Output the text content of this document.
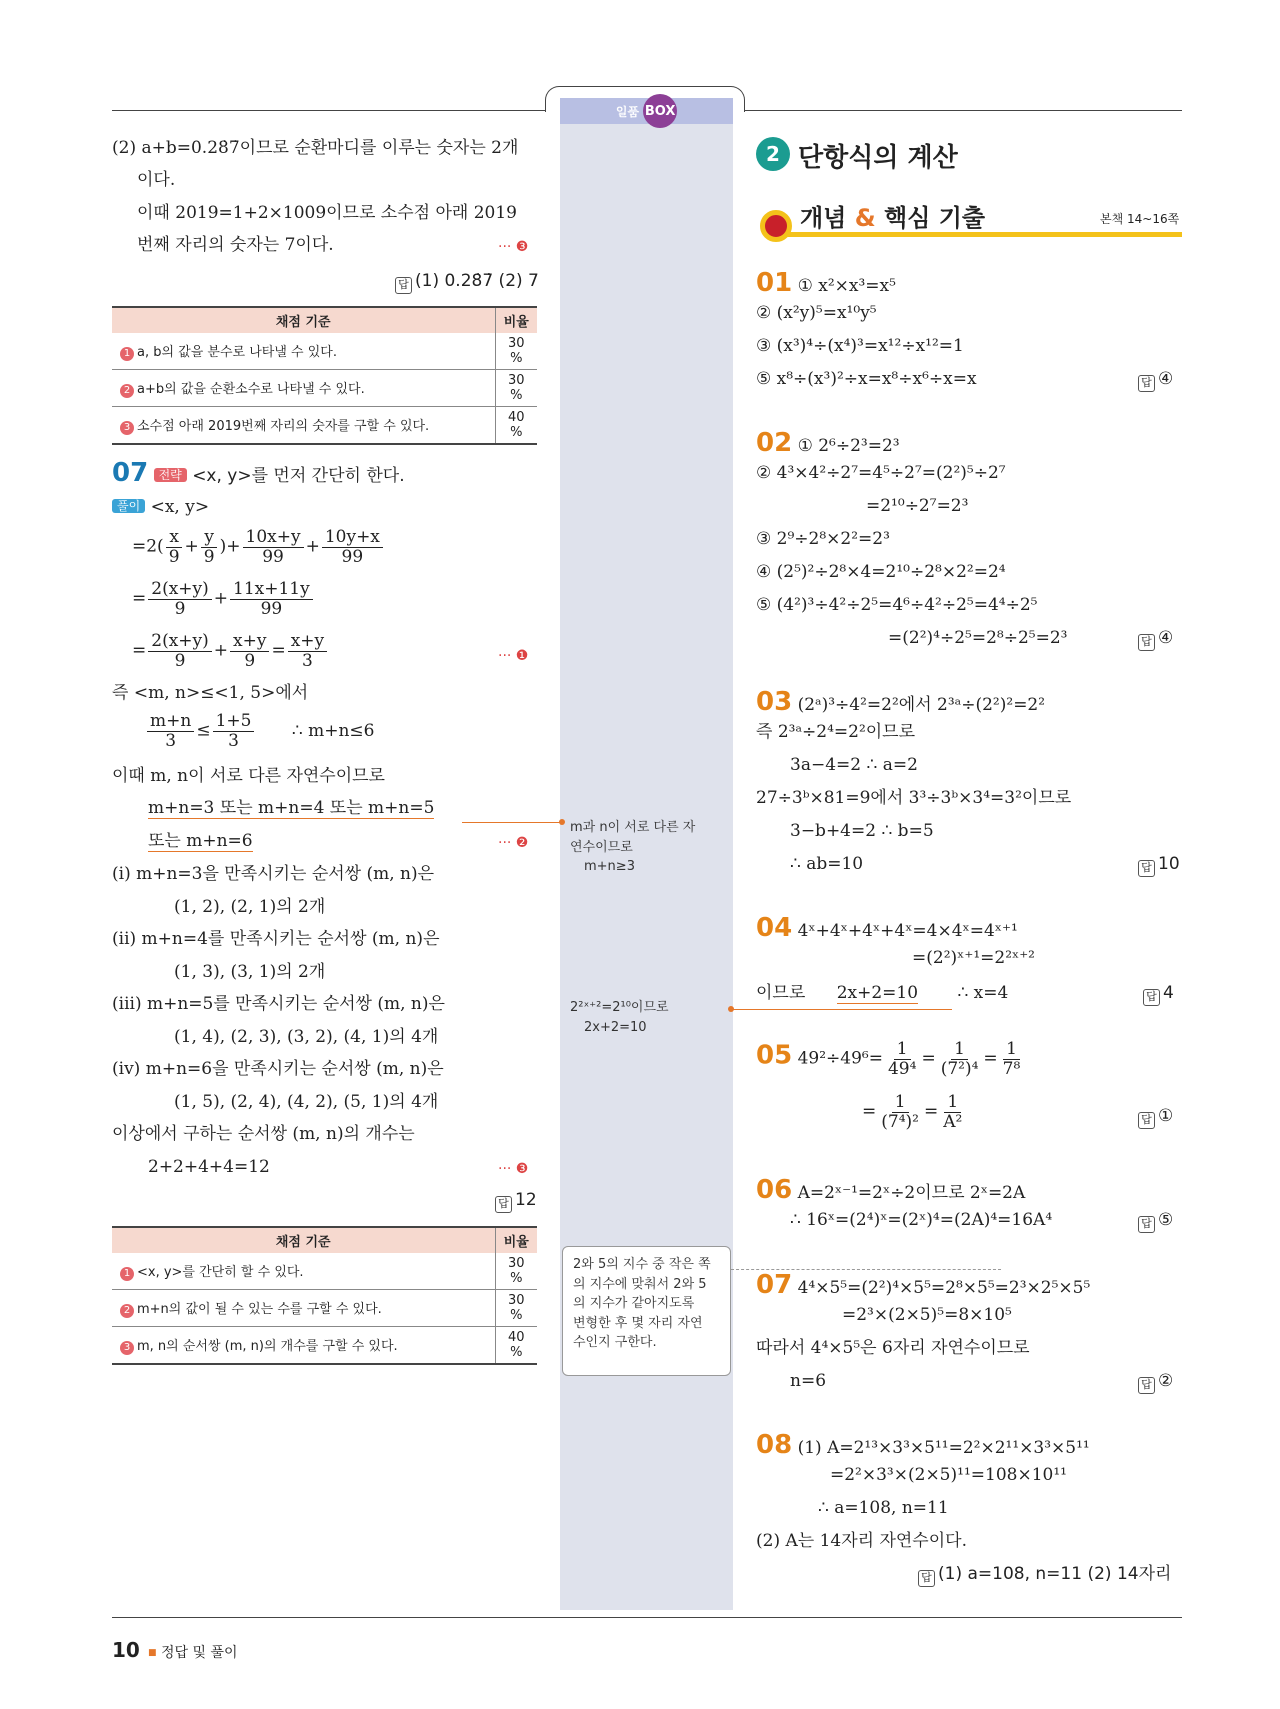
일품 BOX
(2) a+b=0.28̇7̇이므로 순환마디를 이루는 숫자는 2개
이다.
이때 2019=1+2×1009이므로 소수점 아래 2019
번째 자리의 숫자는 7이다.	··· ❸
답 (1) 0.28̇7̇ (2) 7
채점 기준	비율
1 a, b의 값을 분수로 나타낼 수 있다.	30 %
2 a+b의 값을 순환소수로 나타낼 수 있다.	30 %
3 소수점 아래 2019번째 자리의 숫자를 구할 수 있다.	40 %
07 전략 <x, y>를 먼저 간단히 한다.
풀이 <x, y>
$=2( \frac{x}{9} + \frac{y}{9}$ )+ $\frac{10x+y}{99} + \frac{10y+x}{99}$
= $\frac{2(x+y)}{9} + \frac{11x+11y}{99}$
= $\frac{2(x+y)}{9} + \frac{x+y}{9} = \frac{x+y}{3}$	··· ❶
즉 <m, n>≤<1, 5>에서
$\frac{m+n}{3} \le \frac{1+5}{3}$ ∴ m+n≤6
이때 m, n이 서로 다른 자연수이므로
m+n=3 또는 m+n=4 또는 m+n=5
또는 m+n=6	··· ❷
(i) m+n=3을 만족시키는 순서쌍 (m, n)은
(1, 2), (2, 1)의 2개
(ii) m+n=4를 만족시키는 순서쌍 (m, n)은
(1, 3), (3, 1)의 2개
(iii) m+n=5를 만족시키는 순서쌍 (m, n)은
(1, 4), (2, 3), (3, 2), (4, 1)의 4개
(iv) m+n=6을 만족시키는 순서쌍 (m, n)은
(1, 5), (2, 4), (4, 2), (5, 1)의 4개
이상에서 구하는 순서쌍 (m, n)의 개수는
2+2+4+4=12	··· ❸
답 12
채점 기준	비율
1 <x, y>를 간단히 할 수 있다.	30 %
2 m+n의 값이 될 수 있는 수를 구할 수 있다.	30 %
3 m, n의 순서쌍 (m, n)의 개수를 구할 수 있다.	40 %
m과 n이 서로 다른 자
연수이므로
m+n≥3
2²ˣ⁺²=2¹⁰이므로
2x+2=10
2와 5의 지수 중 작은 쪽
의 지수에 맞춰서 2와 5
의 지수가 같아지도록
변형한 후 몇 자리 자연
수인지 구한다.
2 단항식의 계산
개념 & 핵심 기출	본책 14~16쪽
01 ① x²×x³=x⁵
② (x²y)⁵=x¹⁰y⁵
③ (x³)⁴÷(x⁴)³=x¹²÷x¹²=1
⑤ x⁸÷(x³)²÷x=x⁸÷x⁶÷x=x	답 ④
02 ① 2⁶÷2³=2³
② 4³×4²÷2⁷=4⁵÷2⁷=(2²)⁵÷2⁷
=2¹⁰÷2⁷=2³
③ 2⁹÷2⁸×2²=2³
④ (2⁵)²÷2⁸×4=2¹⁰÷2⁸×2²=2⁴
⑤ (4²)³÷4²÷2⁵=4⁶÷4²÷2⁵=4⁴÷2⁵
=(2²)⁴÷2⁵=2⁸÷2⁵=2³	답 ④
03 (2ᵃ)³÷4²=2²에서 2³ᵃ÷(2²)²=2²
즉 2³ᵃ÷2⁴=2²이므로
3a−4=2 ∴ a=2
27÷3ᵇ×81=9에서 3³÷3ᵇ×3⁴=3²이므로
3−b+4=2 ∴ b=5
∴ ab=10	답 10
04 4ˣ+4ˣ+4ˣ+4ˣ=4×4ˣ=4ˣ⁺¹
=(2²)ˣ⁺¹=2²ˣ⁺²
이므로 2x+2=10 ∴ x=4	답 4
05 $49^2\div 49^6= \frac{1}{\text{49⁴}} = \frac{1}{\text{(7²)⁴}} = \frac{1}{\text{7⁸}}$
= $\frac{1}{\text{(7⁴)²}} = \frac{1}{\text{A²}}$	답 ①
06 A=2ˣ⁻¹=2ˣ÷2이므로 2ˣ=2A
∴ 16ˣ=(2⁴)ˣ=(2ˣ)⁴=(2A)⁴=16A⁴	답 ⑤
07 4⁴×5⁵=(2²)⁴×5⁵=2⁸×5⁵=2³×2⁵×5⁵
=2³×(2×5)⁵=8×10⁵
따라서 4⁴×5⁵은 6자리 자연수이므로
n=6	답 ②
08 (1) A=2¹³×3³×5¹¹=2²×2¹¹×3³×5¹¹
=2²×3³×(2×5)¹¹=108×10¹¹
∴ a=108, n=11
(2) A는 14자리 자연수이다.
답 (1) a=108, n=11 (2) 14자리
10 ■ 정답 및 풀이
